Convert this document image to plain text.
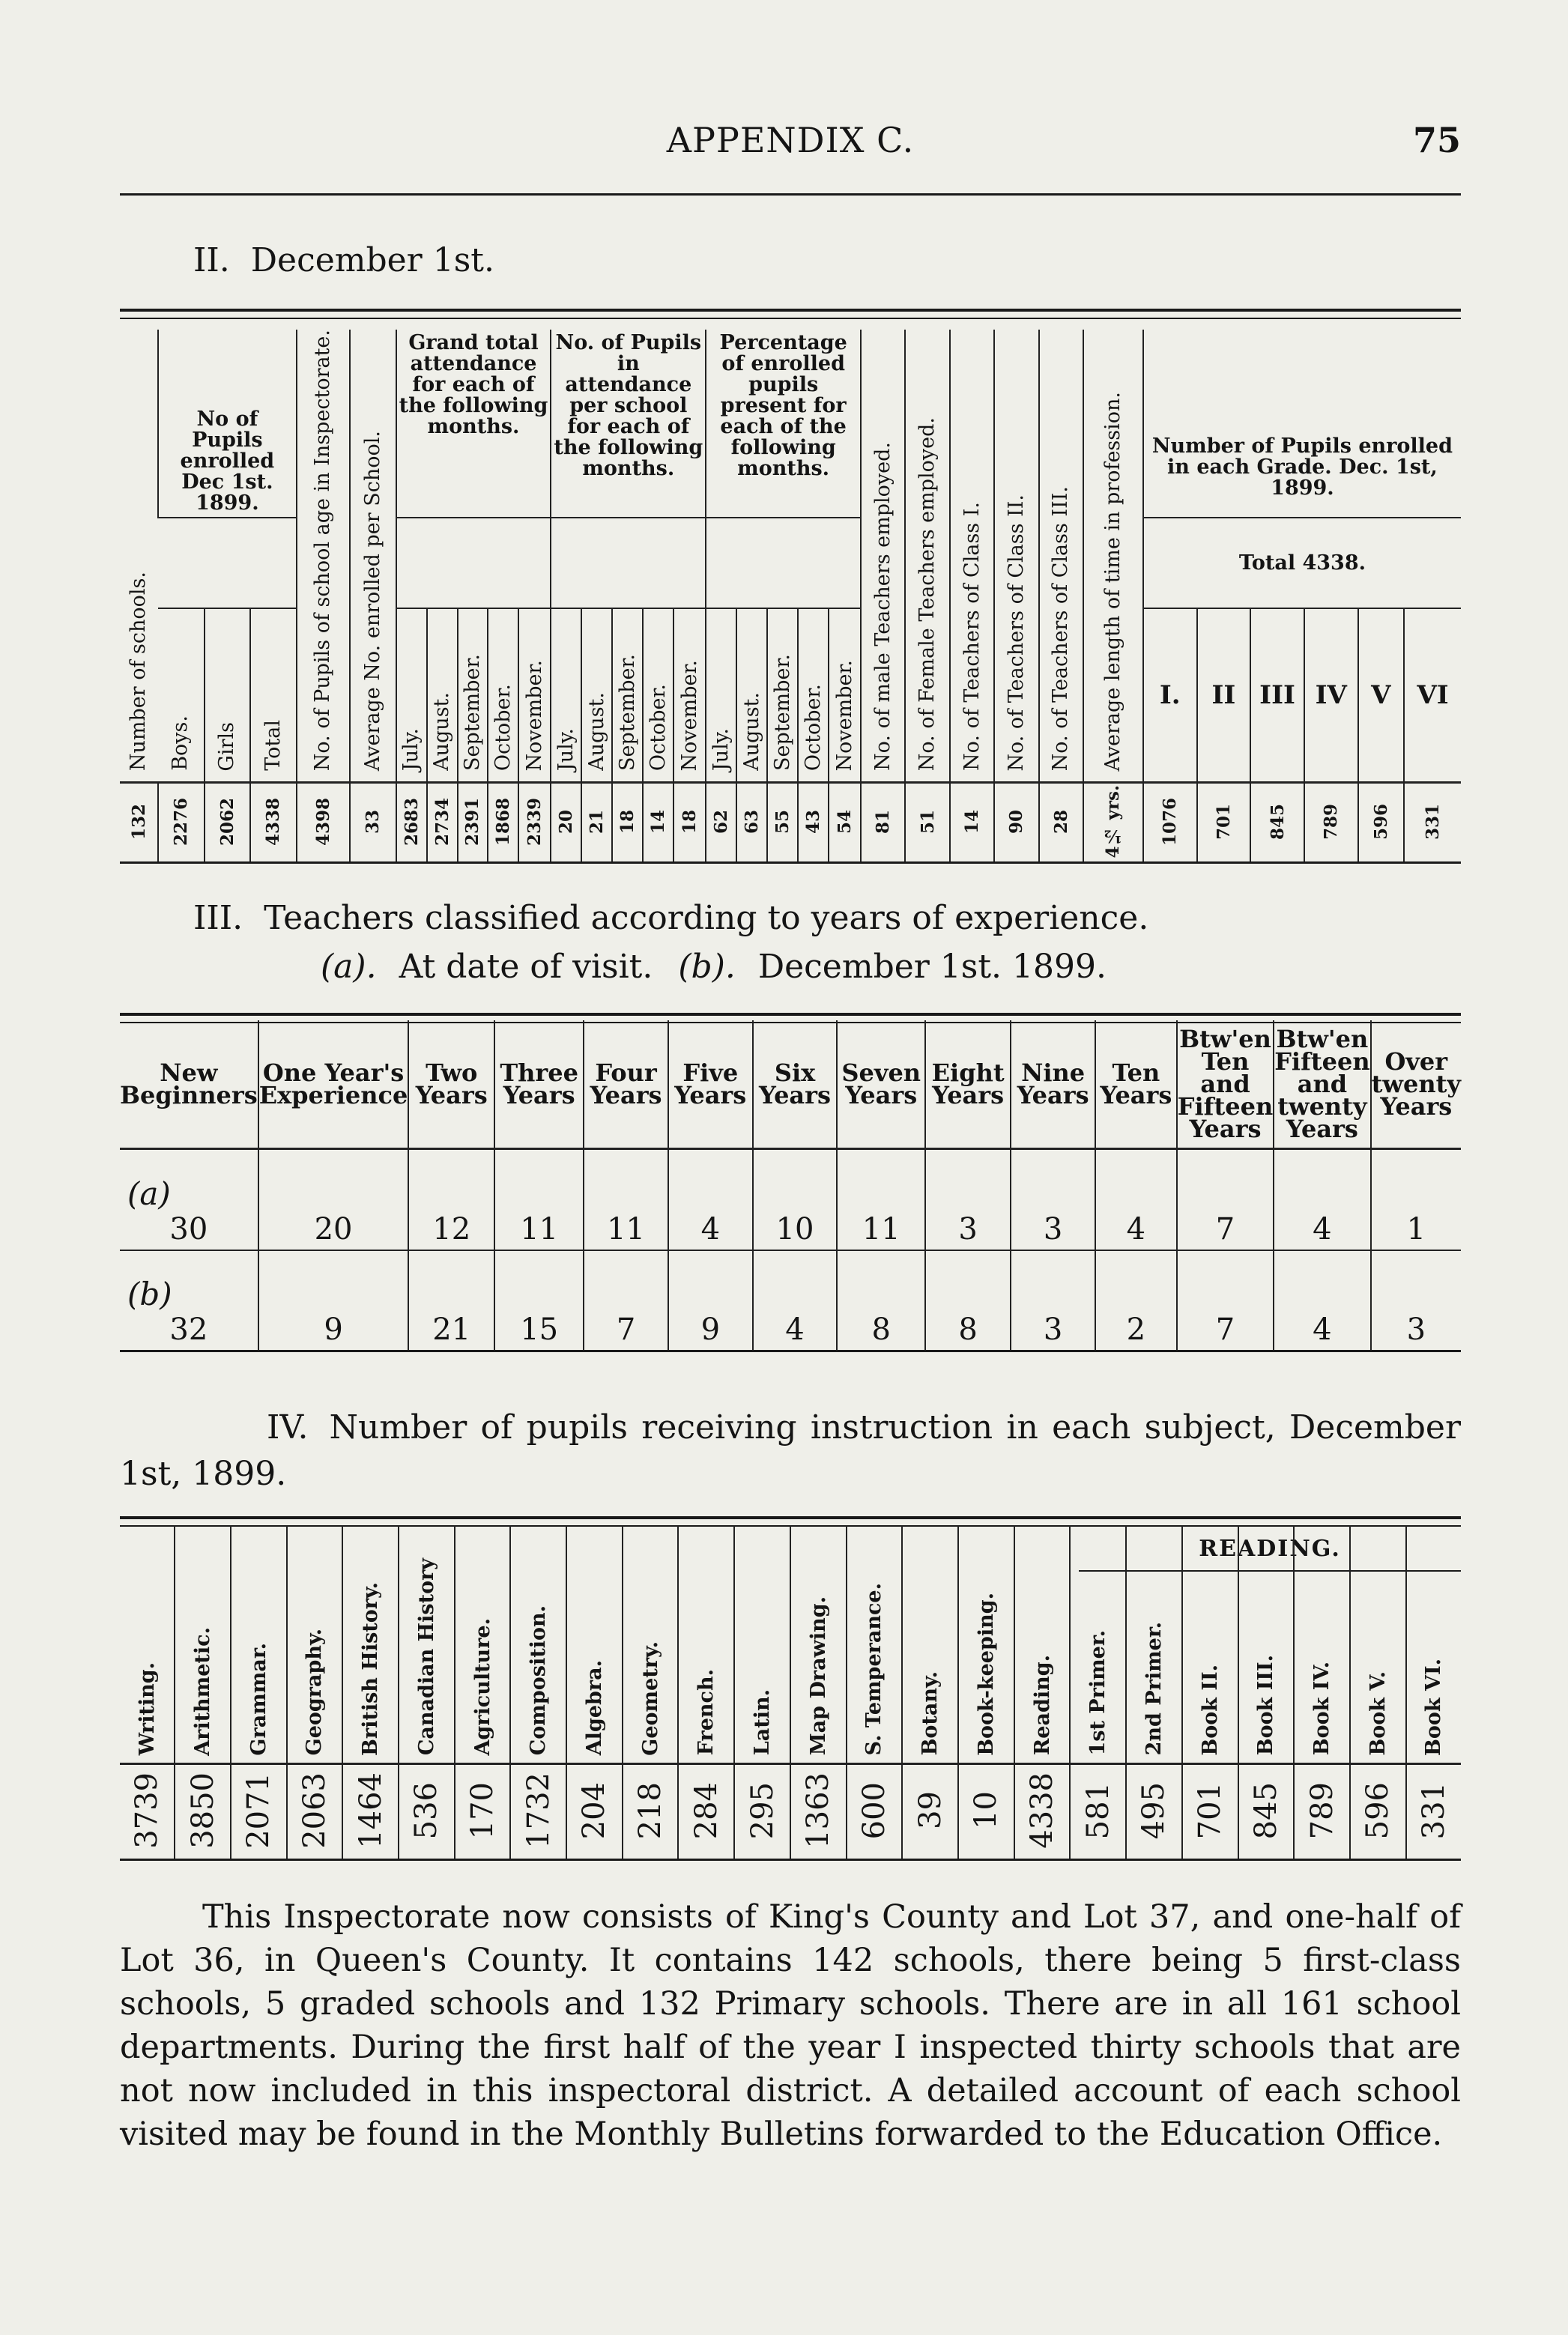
APPENDIX C.	75
II. December 1st.
Number of schools.	No of Pupils enrolled Dec 1st. 1899.			No. of Pupils of school age in Inspectorate.	Average No. enrolled per School.	Grand total attendance for each of the following months.					No. of Pupils in attendance per school for each of the following months.					Percentage of enrolled pupils present for each of the following months.					No. of male Teachers employed.	No. of Female Teachers employed.	No. of Teachers of Class I.	No. of Teachers of Class II.	No. of Teachers of Class III.	Average length of time in profession.	Number of Pupils enrolled in each Grade. Dec. 1st, 1899.					

																											Total 4338.					
	Boys.	Girls	Total			July.	August.	September.	October.	November.	July.	August.	September.	October.	November.	July.	August.	September.	October.	November.							I.	II	III	IV	V	VI
132	2276	2062	4338	4398	33	2683	2734	2391	1868	2339	20	21	18	14	18	62	63	55	43	54	81	51	14	90	28	4½ yrs.	1076	701	845	789	596	331
III. Teachers classified according to years of experience.
(a). At date of visit. (b). December 1st. 1899.
New Beginners	One Year's Experience	Two Years	Three Years	Four Years	Five Years	Six Years	Seven Years	Eight Years	Nine Years	Ten Years	Btw'en Ten and Fifteen Years	Btw'en Fifteen and twenty Years	Over twenty Years

(a)
30	20	12	11	11	4	10	11	3	3	4	7	4	1

(b)
32	9	21	15	7	9	4	8	8	3	2	7	4	3
IV. Number of pupils receiving instruction in each subject, December 1st, 1899.
READING.
Writing.	Arithmetic.	Grammar.	Geography.	British History.	Canadian History	Agriculture.	Composition.	Algebra.	Geometry.	French.	Latin.	Map Drawing.	S. Temperance.	Botany.	Book-keeping.	Reading.	1st Primer.	2nd Primer.	Book II.	Book III.	Book IV.	Book V.	Book VI.
3739	3850	2071	2063	1464	536	170	1732	204	218	284	295	1363	600	39	10	4338	581	495	701	845	789	596	331

This Inspectorate now consists of King's County and Lot 37, and one-half of Lot 36, in Queen's County. It contains 142 schools, there being 5 first-class schools, 5 graded schools and 132 Primary schools. There are in all 161 school departments. During the first half of the year I inspected thirty schools that are not now included in this inspectoral district. A detailed account of each school visited may be found in the Monthly Bulletins forwarded to the Education Office.
